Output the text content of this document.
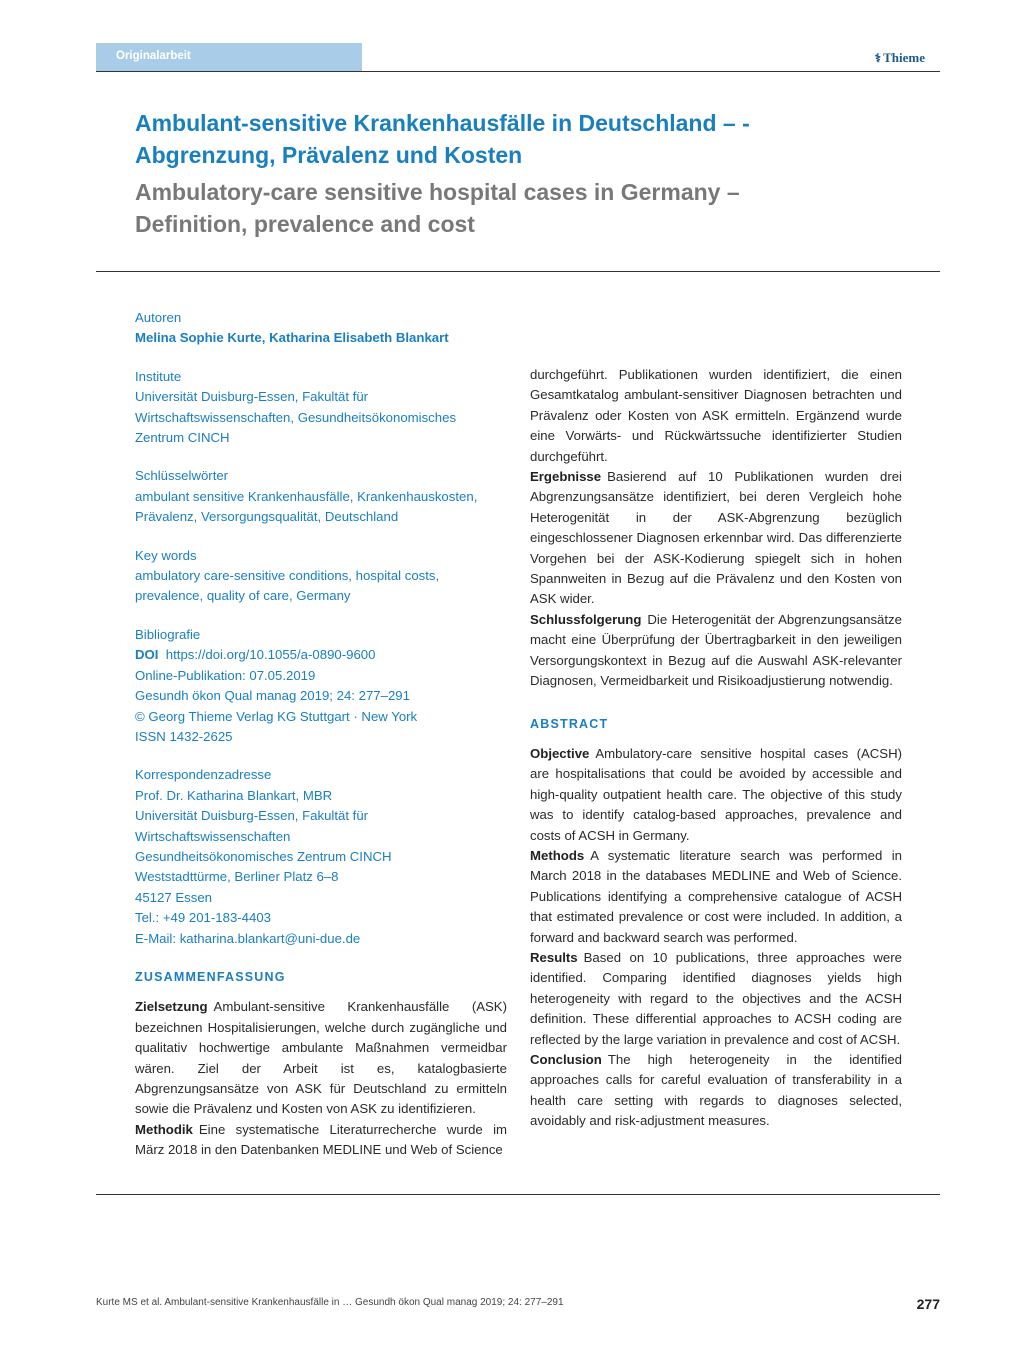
Originalarbeit	⚕ Thieme
Ambulant-sensitive Krankenhausfälle in Deutschland – - Abgrenzung, Prävalenz und Kosten
Ambulatory-care sensitive hospital cases in Germany – Definition, prevalence and cost
Autoren
Melina Sophie Kurte, Katharina Elisabeth Blankart
Institute
Universität Duisburg-Essen, Fakultät für
Wirtschaftswissenschaften, Gesundheitsökonomisches
Zentrum CINCH
Schlüsselwörter
ambulant sensitive Krankenhausfälle, Krankenhauskosten,
Prävalenz, Versorgungsqualität, Deutschland
Key words
ambulatory care-sensitive conditions, hospital costs,
prevalence, quality of care, Germany
Bibliografie
DOI https://doi.org/10.1055/a-0890-9600
Online-Publikation: 07.05.2019
Gesundh ökon Qual manag 2019; 24: 277–291
© Georg Thieme Verlag KG Stuttgart · New York
ISSN 1432-2625
Korrespondenzadresse
Prof. Dr. Katharina Blankart, MBR
Universität Duisburg-Essen, Fakultät für
Wirtschaftswissenschaften
Gesundheitsökonomisches Zentrum CINCH
Weststadttürme, Berliner Platz 6–8
45127 Essen
Tel.: +49 201-183-4403
E-Mail: katharina.blankart@uni-due.de
ZUSAMMENFASSUNG

Zielsetzung Ambulant-sensitive Krankenhausfälle (ASK) bezeichnen Hospitalisierungen, welche durch zugängliche und qualitativ hochwertige ambulante Maßnahmen vermeidbar wären. Ziel der Arbeit ist es, katalogbasierte Abgrenzungsansätze von ASK für Deutschland zu ermitteln sowie die Prävalenz und Kosten von ASK zu identifizieren.

Methodik Eine systematische Literaturrecherche wurde im März 2018 in den Datenbanken MEDLINE und Web of Science

durchgeführt. Publikationen wurden identifiziert, die einen Gesamtkatalog ambulant-sensitiver Diagnosen betrachten und Prävalenz oder Kosten von ASK ermitteln. Ergänzend wurde eine Vorwärts- und Rückwärtssuche identifizierter Studien durchgeführt.

Ergebnisse Basierend auf 10 Publikationen wurden drei Abgrenzungsansätze identifiziert, bei deren Vergleich hohe Heterogenität in der ASK-Abgrenzung bezüglich eingeschlossener Diagnosen erkennbar wird. Das differenzierte Vorgehen bei der ASK-Kodierung spiegelt sich in hohen Spannweiten in Bezug auf die Prävalenz und den Kosten von ASK wider.

Schlussfolgerung Die Heterogenität der Abgrenzungsansätze macht eine Überprüfung der Übertragbarkeit in den jeweiligen Versorgungskontext in Bezug auf die Auswahl ASK-relevanter Diagnosen, Vermeidbarkeit und Risikoadjustierung notwendig.

ABSTRACT

Objective Ambulatory-care sensitive hospital cases (ACSH) are hospitalisations that could be avoided by accessible and high-quality outpatient health care. The objective of this study was to identify catalog-based approaches, prevalence and costs of ACSH in Germany.

Methods A systematic literature search was performed in March 2018 in the databases MEDLINE and Web of Science. Publications identifying a comprehensive catalogue of ACSH that estimated prevalence or cost were included. In addition, a forward and backward search was performed.

Results Based on 10 publications, three approaches were identified. Comparing identified diagnoses yields high heterogeneity with regard to the objectives and the ACSH definition. These differential approaches to ACSH coding are reflected by the large variation in prevalence and cost of ACSH.

Conclusion The high heterogeneity in the identified approaches calls for careful evaluation of transferability in a health care setting with regards to diagnoses selected, avoidably and risk-adjustment measures.

Kurte MS et al. Ambulant-sensitive Krankenhausfälle in … Gesundh ökon Qual manag 2019; 24: 277–291	277
